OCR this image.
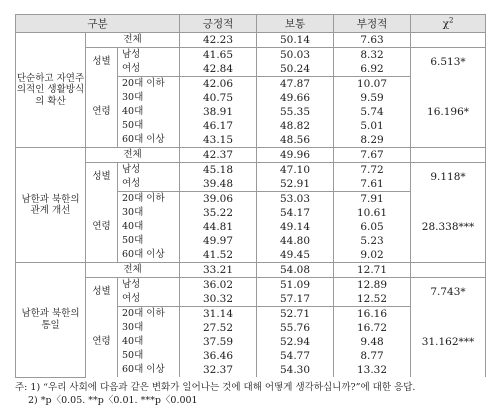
구분			긍정적	보통	부정적	$\chi^2$
단순하고 자연주의적인 생활방식의 확산	전체		42.23	50.14	7.63	
	성별	남성	41.65	50.03	8.32	6.513*
		여성	42.84	50.24	6.92	
	연령	20대 이하	42.06	47.87	10.07	16.196*
		30대	40.75	49.66	9.59	
		40대	38.91	55.35	5.74	
		50대	46.17	48.82	5.01	
		60대 이상	43.15	48.56	8.29	
남한과 북한의 관계 개선	전체		42.37	49.96	7.67	
	성별	남성	45.18	47.10	7.72	9.118*
		여성	39.48	52.91	7.61	
	연령	20대 이하	39.06	53.03	7.91	28.338***
		30대	35.22	54.17	10.61	
		40대	44.81	49.14	6.05	
		50대	49.97	44.80	5.23	
		60대 이상	41.52	49.45	9.02	
남한과 북한의 통일	전체		33.21	54.08	12.71	
	성별	남성	36.02	51.09	12.89	7.743*
		여성	30.32	57.17	12.52	
	연령	20대 이하	31.14	52.71	16.16	31.162***
		30대	27.52	55.76	16.72	
		40대	37.59	52.94	9.48	
		50대	36.46	54.77	8.77	
		60대 이상	32.37	54.30	13.32	
주: 1) “우리 사회에 다음과 같은 변화가 일어나는 것에 대해 어떻게 생각하십니까?”에 대한 응답.
2) *p〈0.05. **p〈0.01. ***p〈0.001
